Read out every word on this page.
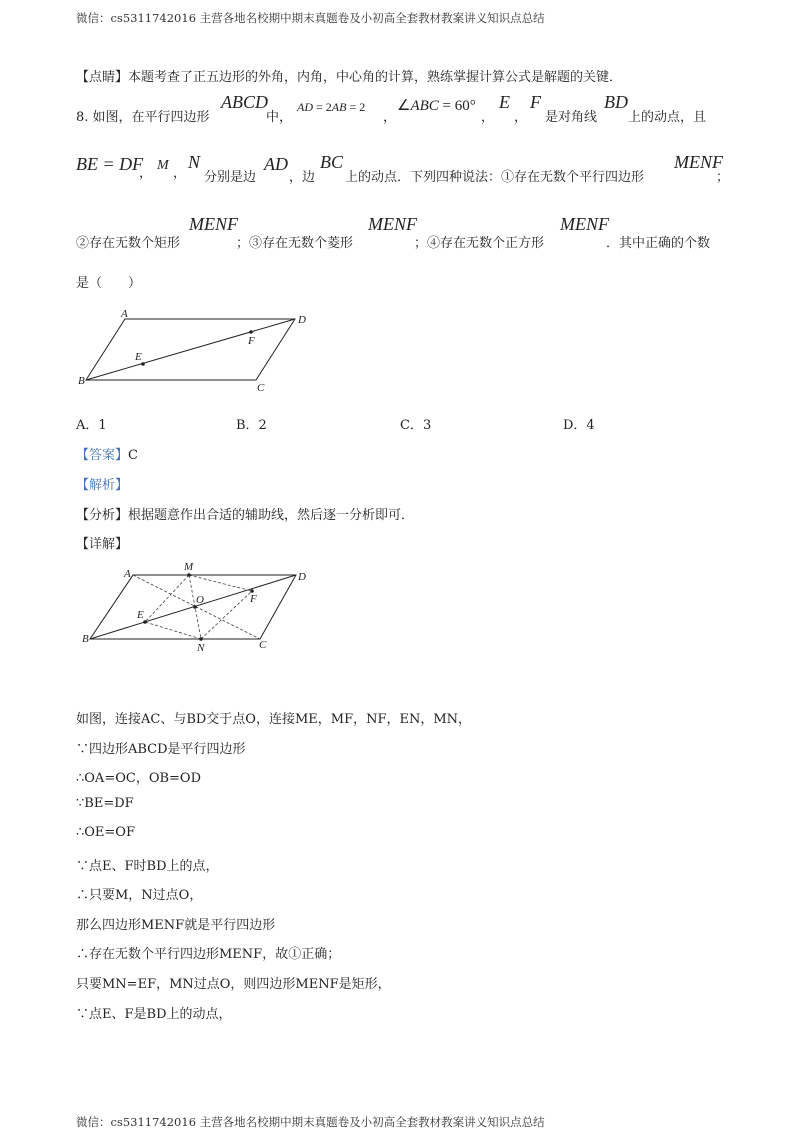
微信：cs5311742016 主营各地名校期中期末真题卷及小初高全套教材教案讲义知识点总结
【点睛】本题考查了正五边形的外角，内角，中心角的计算，熟练掌握计算公式是解题的关键．
8. 如图，在平行四边形
ABCD
中，
AD = 2AB = 2
，
∠ABC = 60°
，
E
，
F
是对角线
BD
上的动点，且
BE = DF
，
M
，
N
分别是边
AD
，边
BC
上的动点．下列四种说法：①存在无数个平行四边形
MENF
；
②存在无数个矩形
MENF
；③存在无数个菱形
MENF
；④存在无数个正方形
MENF
．其中正确的个数
是（　　）
A	D
B
C
E
F
A．1	B．2	C．3	D．4
【答案】C
【解析】
【分析】根据题意作出合适的辅助线，然后逐一分析即可．
【详解】
A
M
D
O	F
E
B
N	C
如图，连接AC、与BD交于点O，连接ME，MF，NF，EN，MN，
∵四边形ABCD是平行四边形
∴OA=OC，OB=OD
∵BE=DF
∴OE=OF
∵点E、F时BD上的点，
∴只要M，N过点O，
那么四边形MENF就是平行四边形
∴存在无数个平行四边形MENF，故①正确；
只要MN=EF，MN过点O，则四边形MENF是矩形，
∵点E、F是BD上的动点，
微信：cs5311742016 主营各地名校期中期末真题卷及小初高全套教材教案讲义知识点总结
